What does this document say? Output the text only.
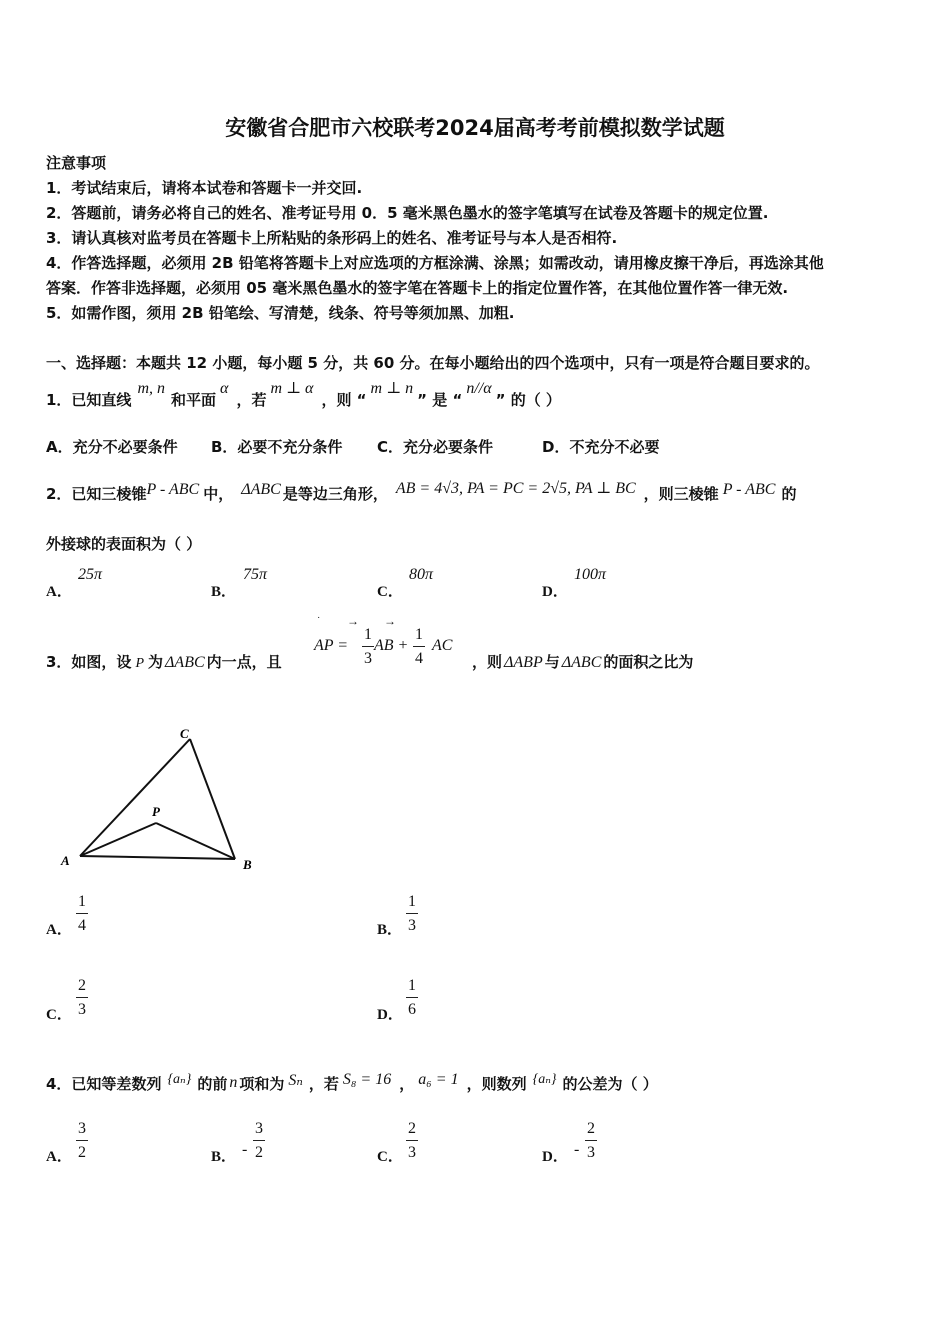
安徽省合肥市六校联考2024届高考考前模拟数学试题
注意事项
1．考试结束后，请将本试卷和答题卡一并交回.
2．答题前，请务必将自己的姓名、准考证号用 0．5 毫米黑色墨水的签字笔填写在试卷及答题卡的规定位置.
3．请认真核对监考员在答题卡上所粘贴的条形码上的姓名、准考证号与本人是否相符.
4．作答选择题，必须用 2B 铅笔将答题卡上对应选项的方框涂满、涂黑；如需改动，请用橡皮擦干净后，再选涂其他
答案．作答非选择题，必须用 05 毫米黑色墨水的签字笔在答题卡上的指定位置作答，在其他位置作答一律无效.
5．如需作图，须用 2B 铅笔绘、写清楚，线条、符号等须加黑、加粗.
一、选择题：本题共 12 小题，每小题 5 分，共 60 分。在每小题给出的四个选项中，只有一项是符合题目要求的。
1．已知直线m, n和平面α，若m ⊥ α，则 “m ⊥ n” 是 “n//α” 的（ ）
A．充分不必要条件 B．必要不充分条件 C．充分必要条件	D．不充分不必要
2．已知三棱锥P - ABC 中， ΔABC 是等边三角形， AB = 4√3, PA = PC = 2√5, PA ⊥ BC ，则三棱锥 P - ABC 的
外接球的表面积为（ ）
A．
25π
B．
75π
C．
80π
D．
100π
3．如图，设 P 为 ΔABC 内一点，且
AP =
˙ →
$\frac{1}{3}$ AB +
→
$\frac{1}{4}$ AC
，则 ΔABP 与 ΔABC 的面积之比为
C
P
A	B
A． $\frac{1}{4}$	B． $\frac{1}{3}$
C． $\frac{2}{3}$	D． $\frac{1}{6}$
4．已知等差数列 {aₙ} 的前 n 项和为 Sₙ ，若 S₈ = 16 ， a₆ = 1 ，则数列 {aₙ} 的公差为（ ）
A． $\frac{3}{2}$	B． - $\frac{3}{2}$	C． $\frac{2}{3}$	D． - $\frac{2}{3}$
